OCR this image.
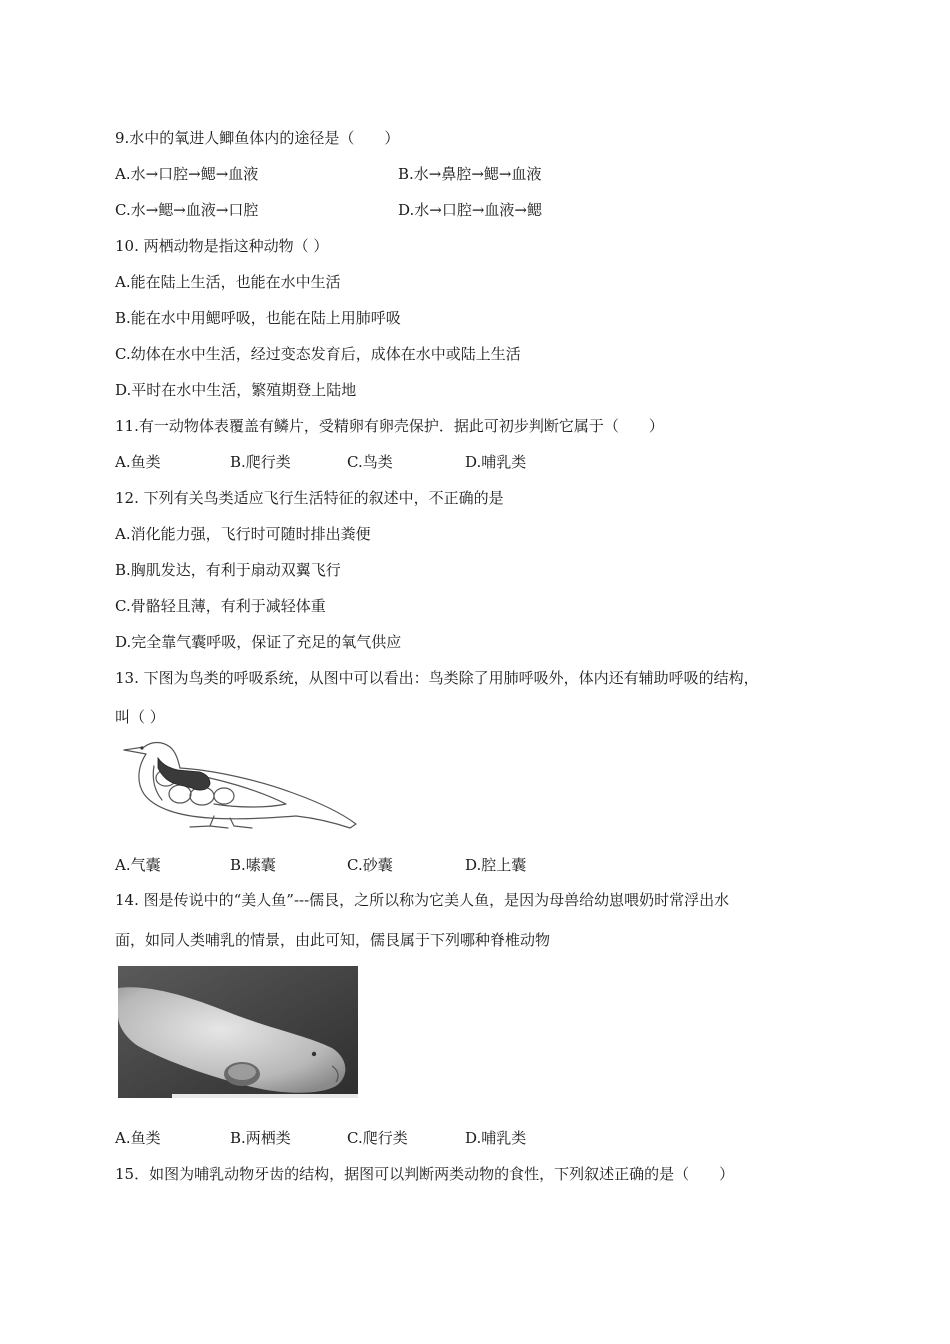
9.水中的氧进人鲫鱼体内的途径是（　　）
A.水→口腔→鳃→血液	B.水→鼻腔→鳃→血液
C.水→鳃→血液→口腔	D.水→口腔→血液→鳃
10. 两栖动物是指这种动物（ ）
A.能在陆上生活，也能在水中生活
B.能在水中用鳃呼吸，也能在陆上用肺呼吸
C.幼体在水中生活，经过变态发育后，成体在水中或陆上生活
D.平时在水中生活，繁殖期登上陆地
11.有一动物体表覆盖有鳞片，受精卵有卵壳保护．据此可初步判断它属于（　　）
A.鱼类	B.爬行类	C.鸟类	D.哺乳类
12. 下列有关鸟类适应飞行生活特征的叙述中，不正确的是
A.消化能力强，飞行时可随时排出粪便
B.胸肌发达，有利于扇动双翼飞行
C.骨骼轻且薄，有利于减轻体重
D.完全靠气囊呼吸，保证了充足的氧气供应
13. 下图为鸟类的呼吸系统，从图中可以看出：鸟类除了用肺呼吸外，体内还有辅助呼吸的结构，
叫（ ）
A.气囊	B.嗉囊	C.砂囊	D.腔上囊
14. 图是传说中的“美人鱼”---儒艮，之所以称为它美人鱼，是因为母兽给幼崽喂奶时常浮出水
面，如同人类哺乳的情景，由此可知，儒艮属于下列哪种脊椎动物
A.鱼类	B.两栖类	C.爬行类	D.哺乳类
15．如图为哺乳动物牙齿的结构，据图可以判断两类动物的食性，下列叙述正确的是（　　）
